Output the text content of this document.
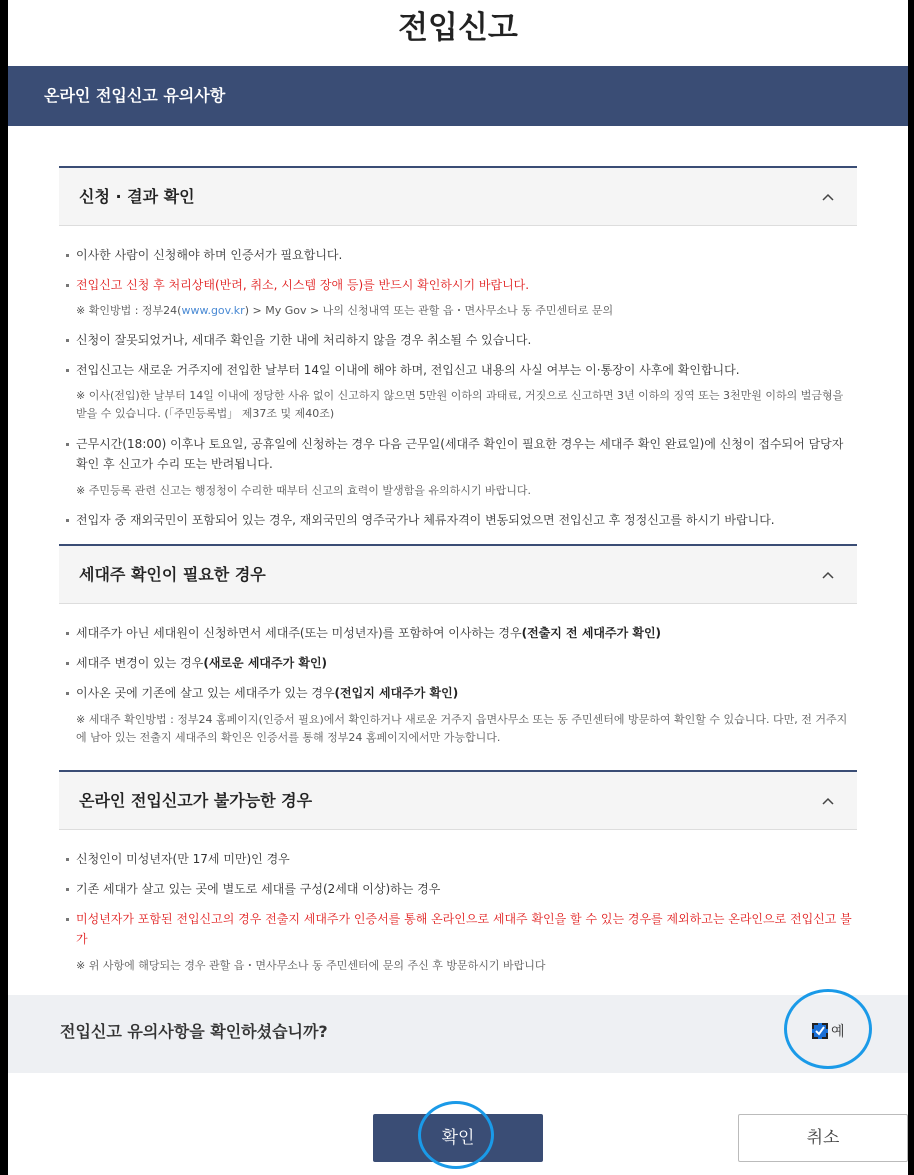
전입신고
온라인 전입신고 유의사항
신청 · 결과 확인
이사한 사람이 신청해야 하며 인증서가 필요합니다.
전입신고 신청 후 처리상태(반려, 취소, 시스템 장애 등)를 반드시 확인하시기 바랍니다.
※ 확인방법 : 정부24(www.gov.kr) > My Gov > 나의 신청내역 또는 관할 읍・면사무소나 동 주민센터로 문의
신청이 잘못되었거나, 세대주 확인을 기한 내에 처리하지 않을 경우 취소될 수 있습니다.
전입신고는 새로운 거주지에 전입한 날부터 14일 이내에 해야 하며, 전입신고 내용의 사실 여부는 이·통장이 사후에 확인합니다.
※ 이사(전입)한 날부터 14일 이내에 정당한 사유 없이 신고하지 않으면 5만원 이하의 과태료, 거짓으로 신고하면 3년 이하의 징역 또는 3천만원 이하의 벌금형을 받을 수 있습니다. (「주민등록법」 제37조 및 제40조)
근무시간(18:00) 이후나 토요일, 공휴일에 신청하는 경우 다음 근무일(세대주 확인이 필요한 경우는 세대주 확인 완료일)에 신청이 접수되어 담당자 확인 후 신고가 수리 또는 반려됩니다.
※ 주민등록 관련 신고는 행정청이 수리한 때부터 신고의 효력이 발생함을 유의하시기 바랍니다.
전입자 중 재외국민이 포함되어 있는 경우, 재외국민의 영주국가나 체류자격이 변동되었으면 전입신고 후 정정신고를 하시기 바랍니다.
세대주 확인이 필요한 경우
세대주가 아닌 세대원이 신청하면서 세대주(또는 미성년자)를 포함하여 이사하는 경우(전출지 전 세대주가 확인)
세대주 변경이 있는 경우(새로운 세대주가 확인)
이사온 곳에 기존에 살고 있는 세대주가 있는 경우(전입지 세대주가 확인)
※ 세대주 확인방법 : 정부24 홈페이지(인증서 필요)에서 확인하거나 새로운 거주지 읍면사무소 또는 동 주민센터에 방문하여 확인할 수 있습니다. 다만, 전 거주지에 남아 있는 전출지 세대주의 확인은 인증서를 통해 정부24 홈페이지에서만 가능합니다.
온라인 전입신고가 불가능한 경우
신청인이 미성년자(만 17세 미만)인 경우
기존 세대가 살고 있는 곳에 별도로 세대를 구성(2세대 이상)하는 경우
미성년자가 포함된 전입신고의 경우 전출지 세대주가 인증서를 통해 온라인으로 세대주 확인을 할 수 있는 경우를 제외하고는 온라인으로 전입신고 불가
※ 위 사항에 해당되는 경우 관할 읍・면사무소나 동 주민센터에 문의 주신 후 방문하시기 바랍니다
전입신고 유의사항을 확인하셨습니까?	예
확인	취소
